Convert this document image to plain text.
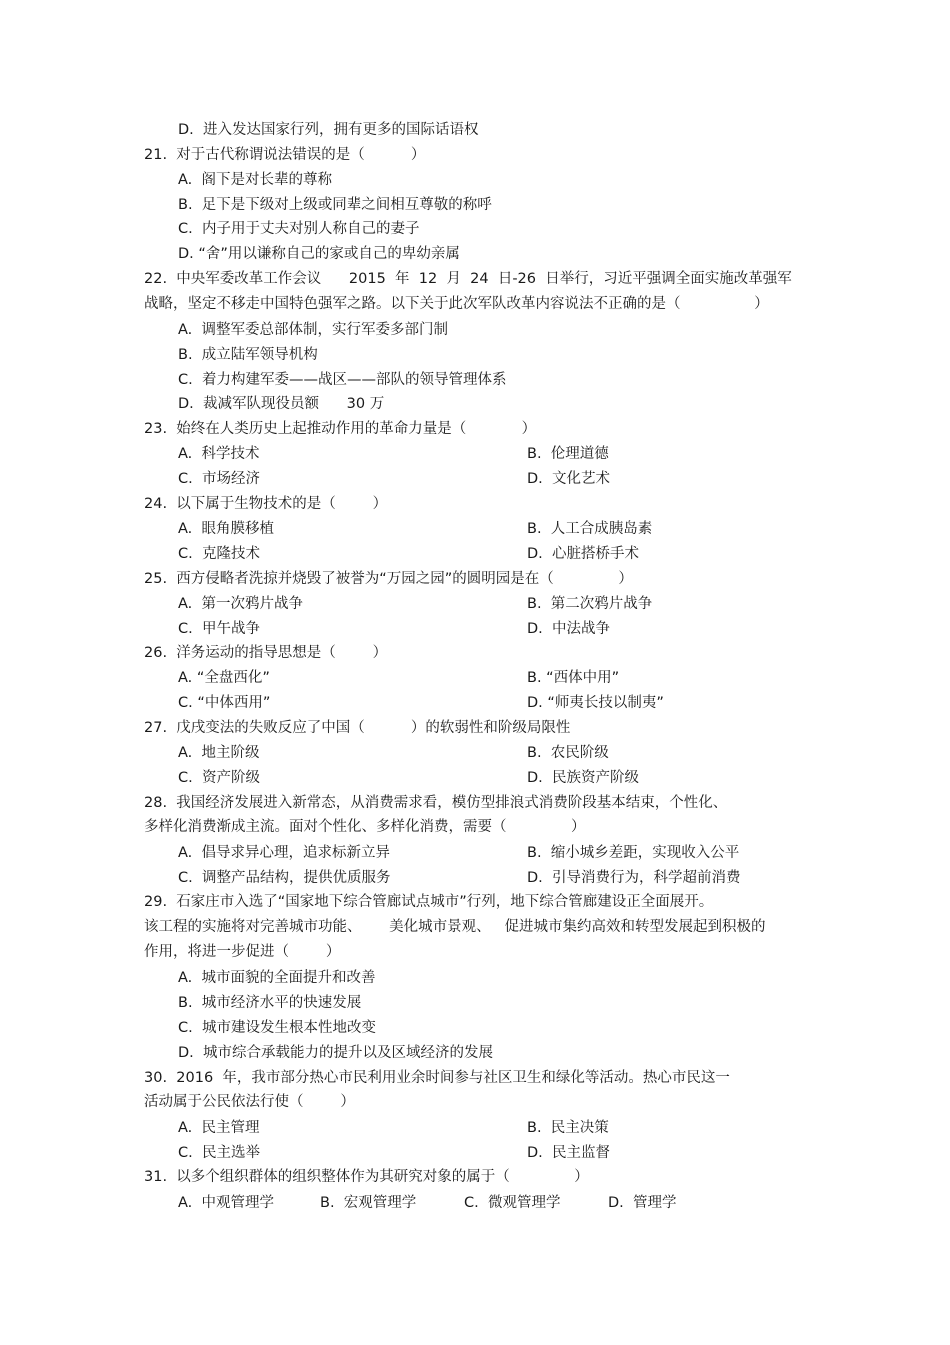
D.  进入发达国家行列，拥有更多的国际话语权
21.  对于古代称谓说法错误的是（          ）
A.  阁下是对长辈的尊称
B.  足下是下级对上级或同辈之间相互尊敬的称呼
C.  内子用于丈夫对别人称自己的妻子
D. “舍”用以谦称自己的家或自己的卑幼亲属
22.  中央军委改革工作会议      2015  年  12  月  24  日-26  日举行，习近平强调全面实施改革强军
战略，坚定不移走中国特色强军之路。以下关于此次军队改革内容说法不正确的是（                ）
A.  调整军委总部体制，实行军委多部门制
B.  成立陆军领导机构
C.  着力构建军委——战区——部队的领导管理体系
D.  裁减军队现役员额      30 万
23.  始终在人类历史上起推动作用的革命力量是（            ）
A.  科学技术	B.  伦理道德
C.  市场经济	D.  文化艺术
24.  以下属于生物技术的是（        ）
A.  眼角膜移植	B.  人工合成胰岛素
C.  克隆技术	D.  心脏搭桥手术
25.  西方侵略者洗掠并烧毁了被誉为“万园之园”的圆明园是在（              ）
A.  第一次鸦片战争	B.  第二次鸦片战争
C.  甲午战争	D.  中法战争
26.  洋务运动的指导思想是（        ）
A. “全盘西化”	B. “西体中用”
C. “中体西用”	D. “师夷长技以制夷”
27.  戊戌变法的失败反应了中国（          ）的软弱性和阶级局限性
A.  地主阶级	B.  农民阶级
C.  资产阶级	D.  民族资产阶级
28.  我国经济发展进入新常态，从消费需求看，模仿型排浪式消费阶段基本结束，个性化、
多样化消费渐成主流。面对个性化、多样化消费，需要（              ）
A.  倡导求异心理，追求标新立异	B.  缩小城乡差距，实现收入公平
C.  调整产品结构，提供优质服务	D.  引导消费行为，科学超前消费
29.  石家庄市入选了“国家地下综合管廊试点城市”行列，地下综合管廊建设正全面展开。
该工程的实施将对完善城市功能、      美化城市景观、   促进城市集约高效和转型发展起到积极的
作用，将进一步促进（        ）
A.  城市面貌的全面提升和改善
B.  城市经济水平的快速发展
C.  城市建设发生根本性地改变
D.  城市综合承载能力的提升以及区域经济的发展
30.  2016  年，我市部分热心市民利用业余时间参与社区卫生和绿化等活动。热心市民这一
活动属于公民依法行使（        ）
A.  民主管理	B.  民主决策
C.  民主选举	D.  民主监督
31.  以多个组织群体的组织整体作为其研究对象的属于（              ）
A.  中观管理学	B.  宏观管理学	C.  微观管理学	D.  管理学
